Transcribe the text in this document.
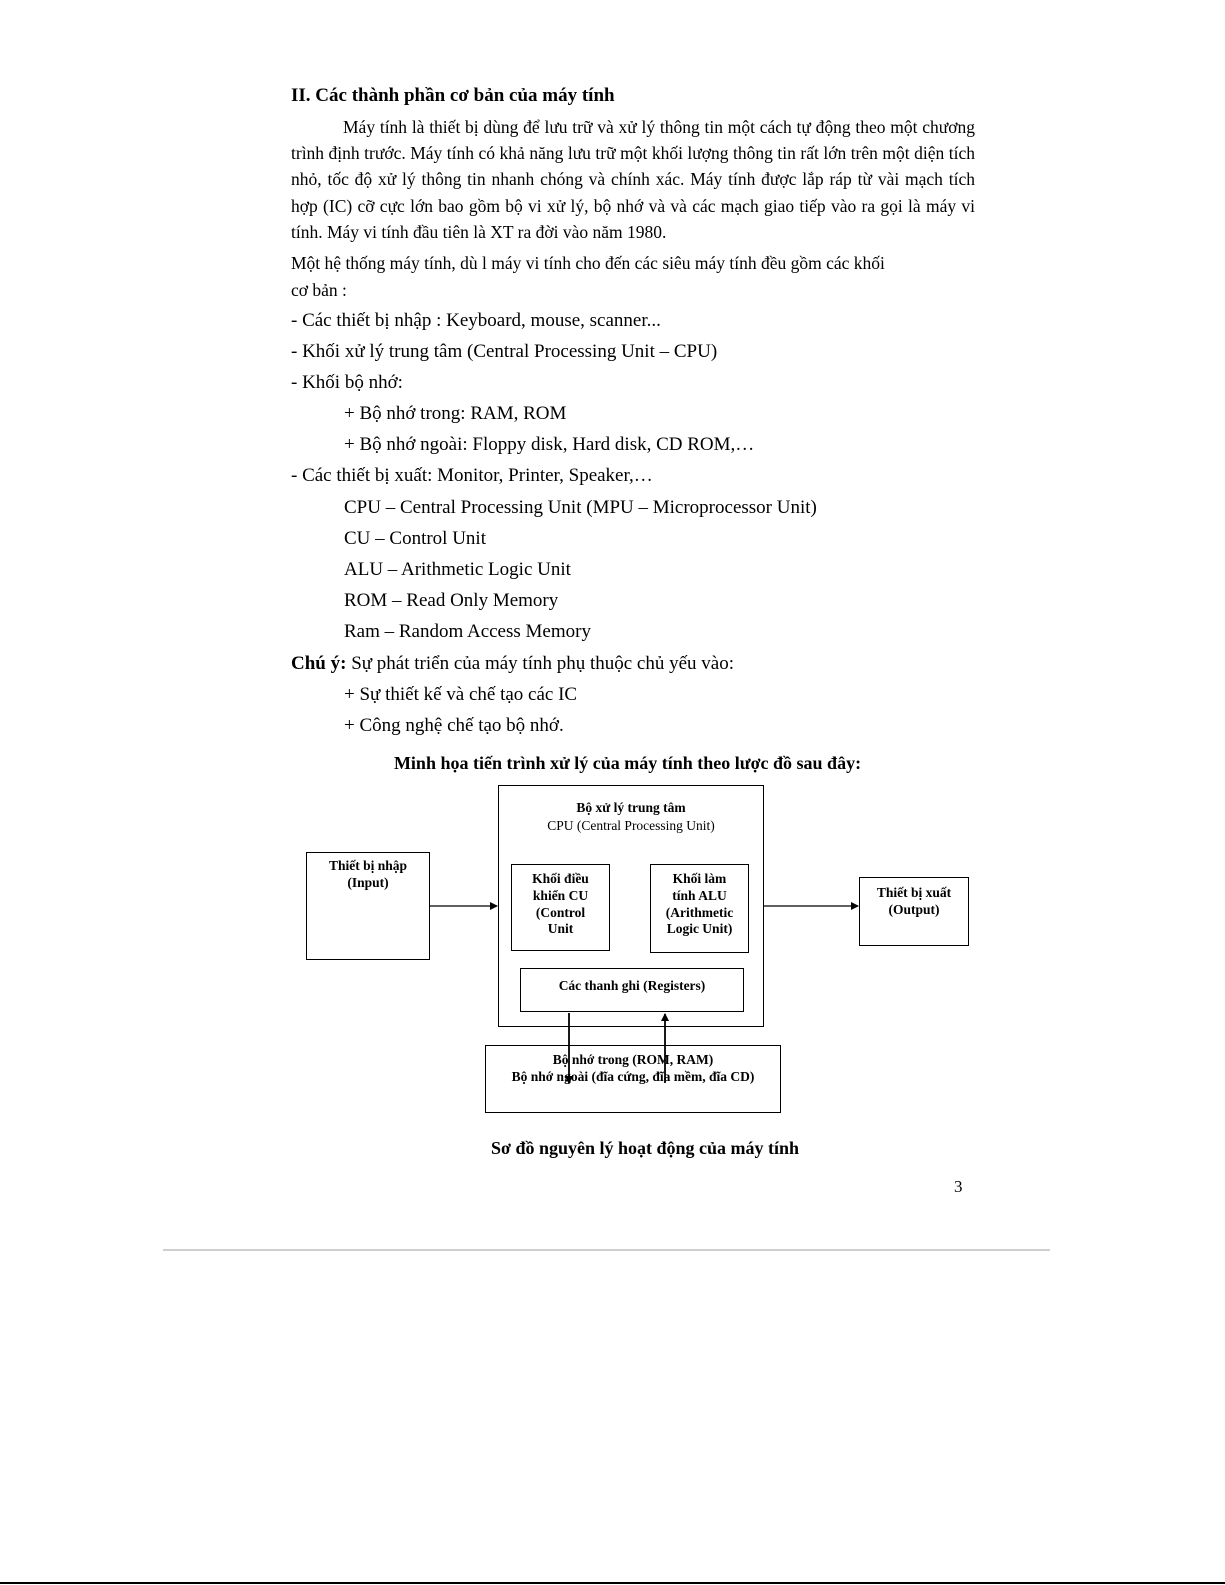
II. Các thành phần cơ bản của máy tính
Máy tính là thiết bị dùng để lưu trữ và xử lý thông tin một cách tự động theo một chương trình định trước. Máy tính có khả năng lưu trữ một khối lượng thông tin rất lớn trên một diện tích nhỏ, tốc độ xử lý thông tin nhanh chóng và chính xác. Máy tính được lắp ráp từ vài mạch tích hợp (IC) cỡ cực lớn bao gồm bộ vi xử lý, bộ nhớ và và các mạch giao tiếp vào ra gọi là máy vi tính. Máy vi tính đầu tiên là XT ra đời vào năm 1980.
Một hệ thống máy tính, dù l máy vi tính cho đến các siêu máy tính đều gồm các khối
cơ bản :
- Các thiết bị nhập : Keyboard, mouse, scanner...
- Khối xử lý trung tâm (Central Processing Unit – CPU)
- Khối bộ nhớ:
+ Bộ nhớ trong: RAM, ROM
+ Bộ nhớ ngoài: Floppy disk, Hard disk, CD ROM,…
- Các thiết bị xuất: Monitor, Printer, Speaker,…
CPU – Central Processing Unit (MPU – Microprocessor Unit)
CU – Control Unit
ALU – Arithmetic Logic Unit
ROM – Read Only Memory
Ram – Random Access Memory
Chú ý: Sự phát triển của máy tính phụ thuộc chủ yếu vào:
+ Sự thiết kế và chế tạo các IC
+ Công nghệ chế tạo bộ nhớ.
Minh họa tiến trình xử lý của máy tính theo lược đồ sau đây:
Bộ xử lý trung tâm
CPU (Central Processing Unit)
Thiết bị nhập
(Input)	Khối điều
khiển CU
(Control
Unit
Khối làm
tính ALU
(Arithmetic
Logic Unit)
Thiết bị xuất
(Output)
Các thanh ghi (Registers)
Bộ nhớ trong (ROM, RAM)
Bộ nhớ ngoài (đĩa cứng, đĩa mềm, đĩa CD)
Sơ đồ nguyên lý hoạt động của máy tính
3
